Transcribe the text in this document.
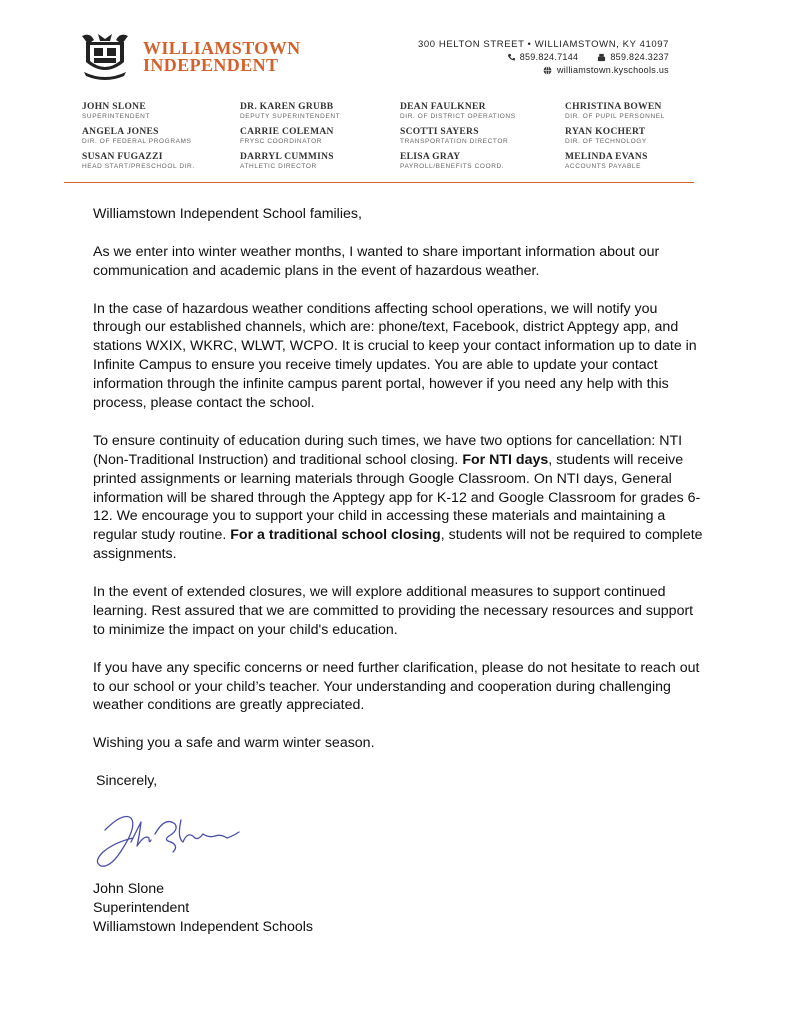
WILLIAMSTOWN
INDEPENDENT
300 HELTON STREET • WILLIAMSTOWN, KY 41097
859.824.7144	859.824.3237
williamstown.kyschools.us
JOHN SLONE
SUPERINTENDENT
DR. KAREN GRUBB
DEPUTY SUPERINTENDENT
DEAN FAULKNER
DIR. OF DISTRICT OPERATIONS
CHRISTINA BOWEN
DIR. OF PUPIL PERSONNEL
ANGELA JONES
DIR. OF FEDERAL PROGRAMS
CARRIE COLEMAN
FRYSC COORDINATOR
SCOTTI SAYERS
TRANSPORTATION DIRECTOR
RYAN KOCHERT
DIR. OF TECHNOLOGY
SUSAN FUGAZZI
HEAD START/PRESCHOOL DIR.
DARRYL CUMMINS
ATHLETIC DIRECTOR
ELISA GRAY
PAYROLL/BENEFITS COORD.
MELINDA EVANS
ACCOUNTS PAYABLE

Williamstown Independent School families,

As we enter into winter weather months, I wanted to share important information about our communication and academic plans in the event of hazardous weather.

In the case of hazardous weather conditions affecting school operations, we will notify you through our established channels, which are: phone/text, Facebook, district Apptegy app, and stations WXIX, WKRC, WLWT, WCPO. It is crucial to keep your contact information up to date in Infinite Campus to ensure you receive timely updates. You are able to update your contact information through the infinite campus parent portal, however if you need any help with this process, please contact the school.

To ensure continuity of education during such times, we have two options for cancellation: NTI (Non-Traditional Instruction) and traditional school closing. For NTI days, students will receive printed assignments or learning materials through Google Classroom. On NTI days, General information will be shared through the Apptegy app for K-12 and Google Classroom for grades 6-12. We encourage you to support your child in accessing these materials and maintaining a regular study routine. For a traditional school closing, students will not be required to complete assignments.

In the event of extended closures, we will explore additional measures to support continued learning. Rest assured that we are committed to providing the necessary resources and support to minimize the impact on your child's education.

If you have any specific concerns or need further clarification, please do not hesitate to reach out to our school or your child’s teacher. Your understanding and cooperation during challenging weather conditions are greatly appreciated.

Wishing you a safe and warm winter season.

Sincerely,

John Slone
Superintendent
Williamstown Independent Schools
